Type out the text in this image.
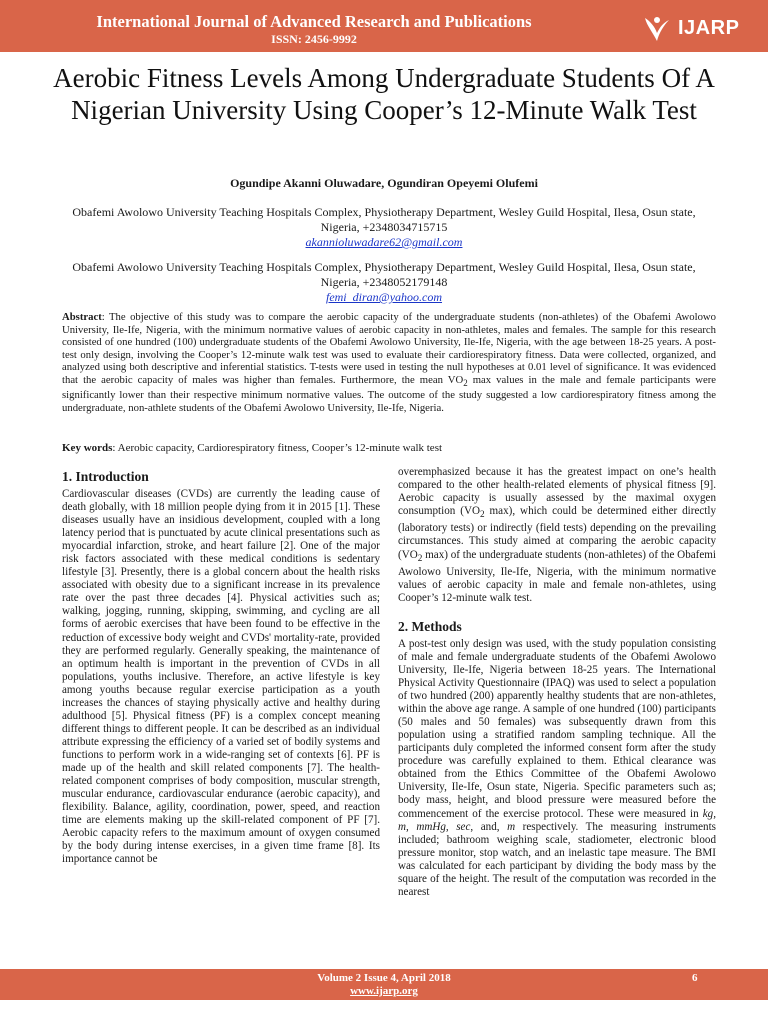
International Journal of Advanced Research and Publications
ISSN: 2456-9992	IJARP
Aerobic Fitness Levels Among Undergraduate Students Of A Nigerian University Using Cooper’s 12-Minute Walk Test
Ogundipe Akanni Oluwadare, Ogundiran Opeyemi Olufemi
Obafemi Awolowo University Teaching Hospitals Complex, Physiotherapy Department, Wesley Guild Hospital, Ilesa, Osun state, Nigeria, +2348034715715
akannioluwadare62@gmail.com
Obafemi Awolowo University Teaching Hospitals Complex, Physiotherapy Department, Wesley Guild Hospital, Ilesa, Osun state, Nigeria, +2348052179148
femi_diran@yahoo.com
Abstract: The objective of this study was to compare the aerobic capacity of the undergraduate students (non-athletes) of the Obafemi Awolowo University, Ile-Ife, Nigeria, with the minimum normative values of aerobic capacity in non-athletes, males and females. The sample for this research consisted of one hundred (100) undergraduate students of the Obafemi Awolowo University, Ile-Ife, Nigeria, with the age between 18-25 years. A post-test only design, involving the Cooper’s 12-minute walk test was used to evaluate their cardiorespiratory fitness. Data were collected, organized, and analyzed using both descriptive and inferential statistics. T-tests were used in testing the null hypotheses at 0.01 level of significance. It was evidenced that the aerobic capacity of males was higher than females. Furthermore, the mean $VO_2$ max values in the male and female participants were significantly lower than their respective minimum normative values. The outcome of the study suggested a low cardiorespiratory fitness among the undergraduate, non-athlete students of the Obafemi Awolowo University, Ile-Ife, Nigeria.
Key words: Aerobic capacity, Cardiorespiratory fitness, Cooper’s 12-minute walk test
1. Introduction

Cardiovascular diseases (CVDs) are currently the leading cause of death globally, with 18 million people dying from it in 2015 [1]. These diseases usually have an insidious development, coupled with a long latency period that is punctuated by acute clinical presentations such as myocardial infarction, stroke, and heart failure [2]. One of the major risk factors associated with these medical conditions is sedentary lifestyle [3]. Presently, there is a global concern about the health risks associated with obesity due to a significant increase in its prevalence rate over the past three decades [4]. Physical activities such as; walking, jogging, running, skipping, swimming, and cycling are all forms of aerobic exercises that have been found to be effective in the reduction of excessive body weight and CVDs' mortality-rate, provided they are performed regularly. Generally speaking, the maintenance of an optimum health is important in the prevention of CVDs in all populations, youths inclusive. Therefore, an active lifestyle is key among youths because regular exercise participation as a youth increases the chances of staying physically active and healthy during adulthood [5]. Physical fitness (PF) is a complex concept meaning different things to different people. It can be described as an individual attribute expressing the efficiency of a varied set of bodily systems and functions to perform work in a wide-ranging set of contexts [6]. PF is made up of the health and skill related components [7]. The health-related component comprises of body composition, muscular strength, muscular endurance, cardiovascular endurance (aerobic capacity), and flexibility. Balance, agility, coordination, power, speed, and reaction time are elements making up the skill-related component of PF [7]. Aerobic capacity refers to the maximum amount of oxygen consumed by the body during intense exercises, in a given time frame [8]. Its importance cannot be

overemphasized because it has the greatest impact on one’s health compared to the other health-related elements of physical fitness [9]. Aerobic capacity is usually assessed by the maximal oxygen consumption ($VO_2$ max), which could be determined either directly (laboratory tests) or indirectly (field tests) depending on the prevailing circumstances. This study aimed at comparing the aerobic capacity ($VO_2$ max) of the undergraduate students (non-athletes) of the Obafemi Awolowo University, Ile-Ife, Nigeria, with the minimum normative values of aerobic capacity in male and female non-athletes, using Cooper’s 12-minute walk test.

2. Methods

A post-test only design was used, with the study population consisting of male and female undergraduate students of the Obafemi Awolowo University, Ile-Ife, Nigeria between 18-25 years. The International Physical Activity Questionnaire (IPAQ) was used to select a population of two hundred (200) apparently healthy students that are non-athletes, within the above age range. A sample of one hundred (100) participants (50 males and 50 females) was subsequently drawn from this population using a stratified random sampling technique. All the participants duly completed the informed consent form after the study procedure was carefully explained to them. Ethical clearance was obtained from the Ethics Committee of the Obafemi Awolowo University, Ile-Ife, Osun state, Nigeria. Specific parameters such as; body mass, height, and blood pressure were measured before the commencement of the exercise protocol. These were measured in kg, m, mmHg, sec, and, m respectively. The measuring instruments included; bathroom weighing scale, stadiometer, electronic blood pressure monitor, stop watch, and an inelastic tape measure. The BMI was calculated for each participant by dividing the body mass by the square of the height. The result of the computation was recorded in the nearest

Volume 2 Issue 4, April 2018	6
www.ijarp.org
